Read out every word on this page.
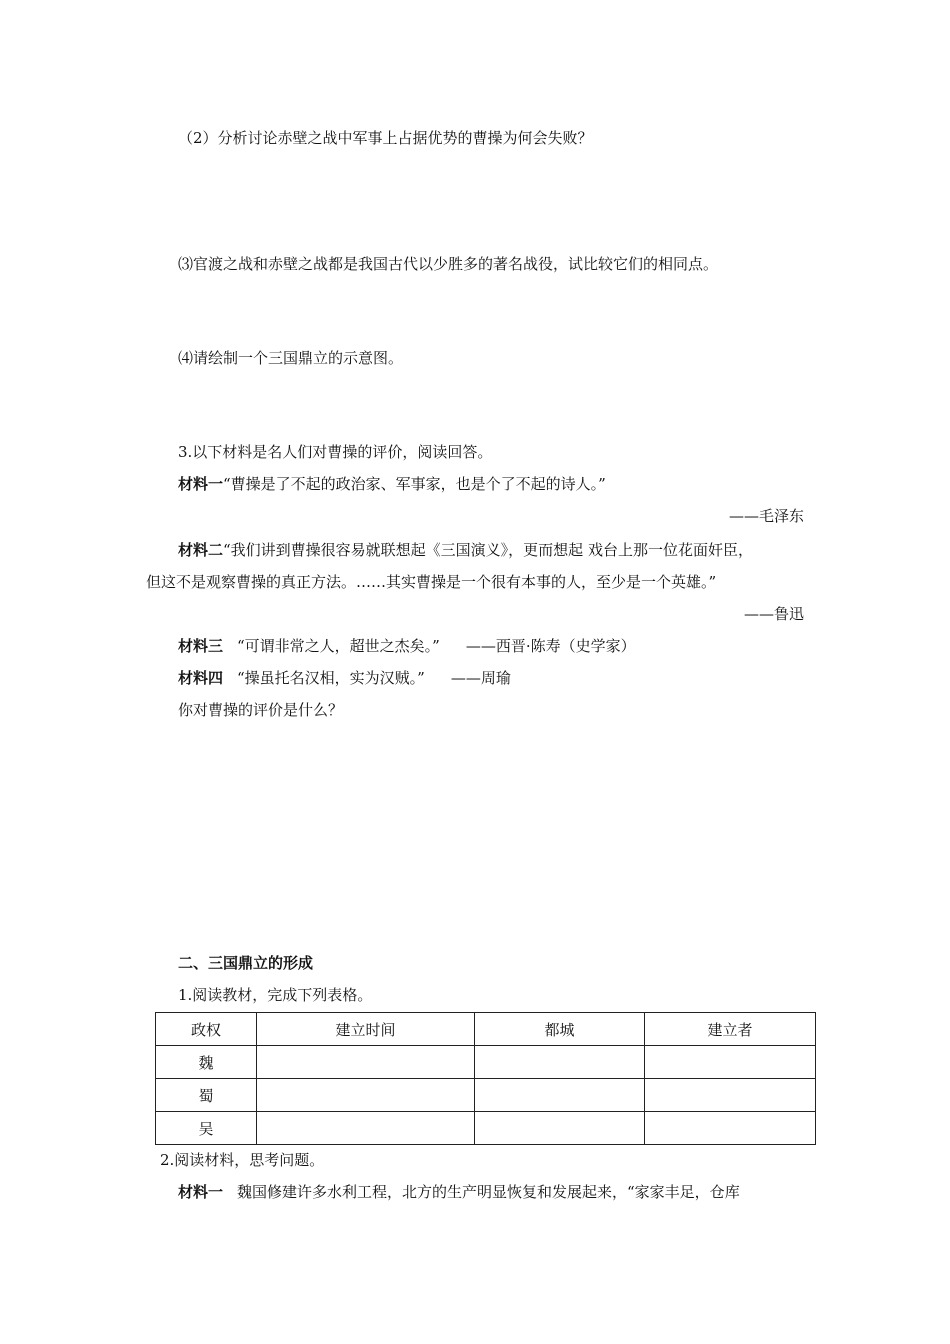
（2）分析讨论赤壁之战中军事上占据优势的曹操为何会失败？
⑶官渡之战和赤壁之战都是我国古代以少胜多的著名战役，试比较它们的相同点。
⑷请绘制一个三国鼎立的示意图。
3.以下材料是名人们对曹操的评价，阅读回答。
材料一“曹操是了不起的政治家、军事家，也是个了不起的诗人。”
——毛泽东
材料二“我们讲到曹操很容易就联想起《三国演义》，更而想起 戏台上那一位花面奸臣，
但这不是观察曹操的真正方法。……其实曹操是一个很有本事的人，至少是一个英雄。”
——鲁迅
材料三 “可谓非常之人，超世之杰矣。” ——西晋·陈寿（史学家）
材料四 “操虽托名汉相，实为汉贼。” ——周瑜
你对曹操的评价是什么？
二、三国鼎立的形成
1.阅读教材，完成下列表格。
政权	建立时间	都城	建立者
魏			
蜀			
吴			
2.阅读材料，思考问题。
材料一 魏国修建许多水利工程，北方的生产明显恢复和发展起来，“家家丰足，仓库
